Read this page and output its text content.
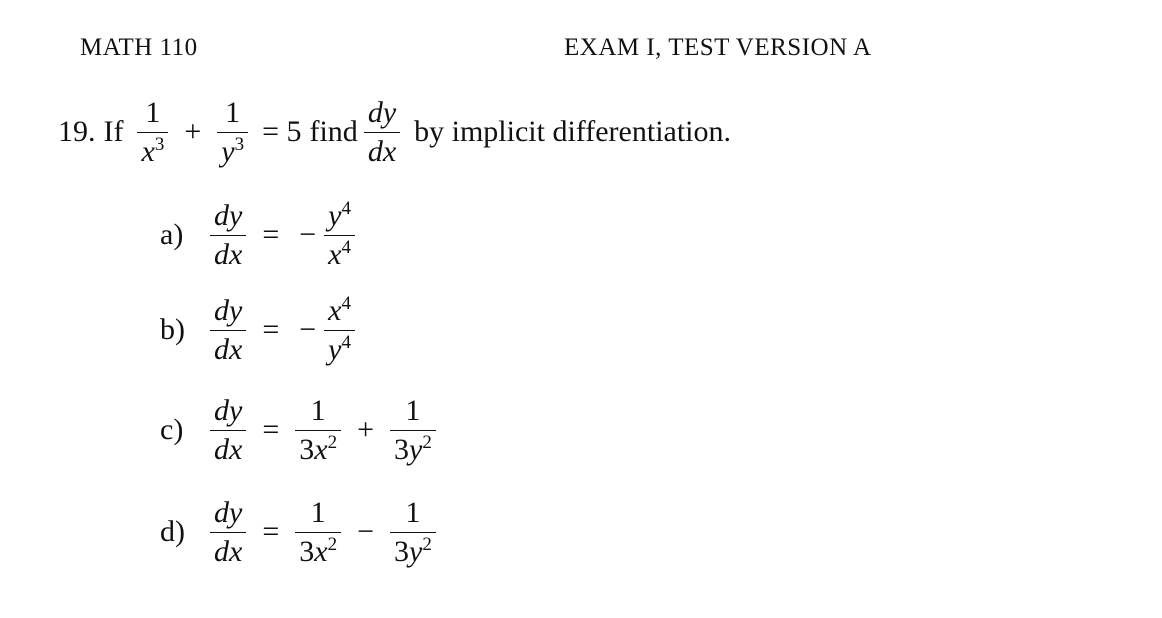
MATH 110	EXAM I, TEST VERSION A
19. If $\frac{1}{x^3} + \frac{1}{y^3} = 5$ find $\frac{dy}{dx}$ by implicit differentiation.
$a) \frac{dy}{dx}$ = − $\frac{y^4}{x^4}$
$b) \frac{dy}{dx}$ = − $\frac{x^4}{y^4}$
$c) \frac{dy}{dx} = \frac{1}{3x^2} + \frac{1}{3y^2}$
$d) \frac{dy}{dx} = \frac{1}{3x^2} - \frac{1}{3y^2}$
